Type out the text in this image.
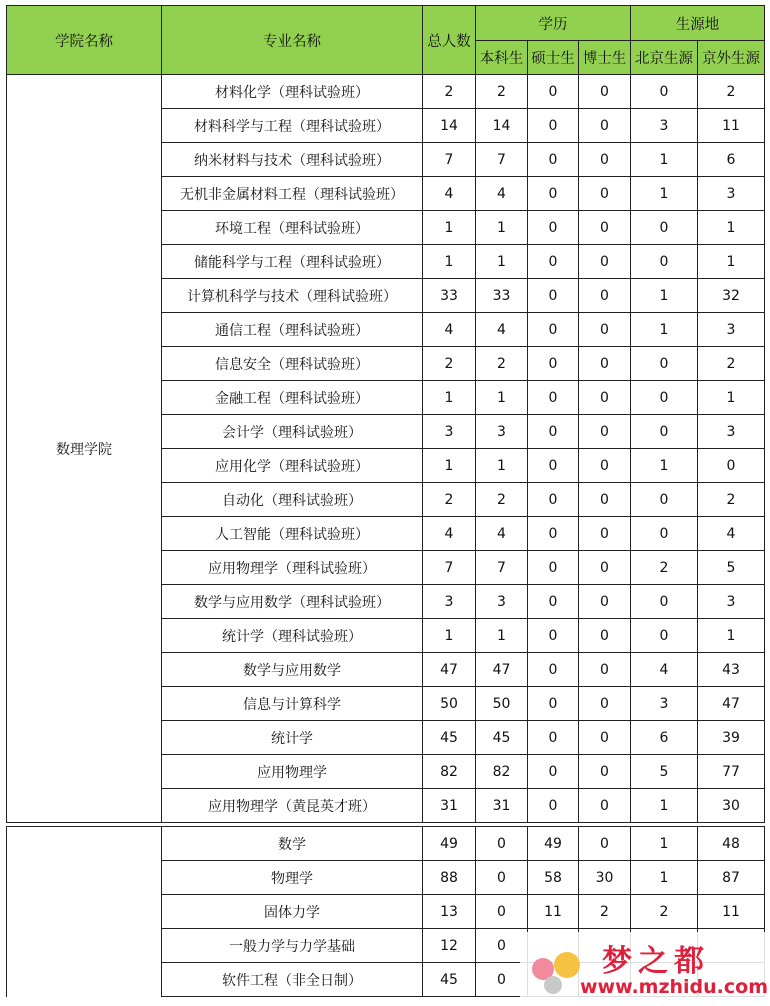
学院名称	专业名称	总人数	学历			生源地	
			本科生	硕士生	博士生	北京生源	京外生源
数理学院	材料化学（理科试验班）	2	2	0	0	0	2
	材料科学与工程（理科试验班）	14	14	0	0	3	11
	纳米材料与技术（理科试验班）	7	7	0	0	1	6
	无机非金属材料工程（理科试验班）	4	4	0	0	1	3
	环境工程（理科试验班）	1	1	0	0	0	1
	储能科学与工程（理科试验班）	1	1	0	0	0	1
	计算机科学与技术（理科试验班）	33	33	0	0	1	32
	通信工程（理科试验班）	4	4	0	0	1	3
	信息安全（理科试验班）	2	2	0	0	0	2
	金融工程（理科试验班）	1	1	0	0	0	1
	会计学（理科试验班）	3	3	0	0	0	3
	应用化学（理科试验班）	1	1	0	0	1	0
	自动化（理科试验班）	2	2	0	0	0	2
	人工智能（理科试验班）	4	4	0	0	0	4
	应用物理学（理科试验班）	7	7	0	0	2	5
	数学与应用数学（理科试验班）	3	3	0	0	0	3
	统计学（理科试验班）	1	1	0	0	0	1
	数学与应用数学	47	47	0	0	4	43
	信息与计算科学	50	50	0	0	3	47
	统计学	45	45	0	0	6	39
	应用物理学	82	82	0	0	5	77
	应用物理学（黄昆英才班）	31	31	0	0	1	30

	数学	49	0	49	0	1	48
	物理学	88	0	58	30	1	87
	固体力学	13	0	11	2	2	11
	一般力学与力学基础	12	0				
	软件工程（非全日制）	45	0				
梦之都
www.mzhidu.com
